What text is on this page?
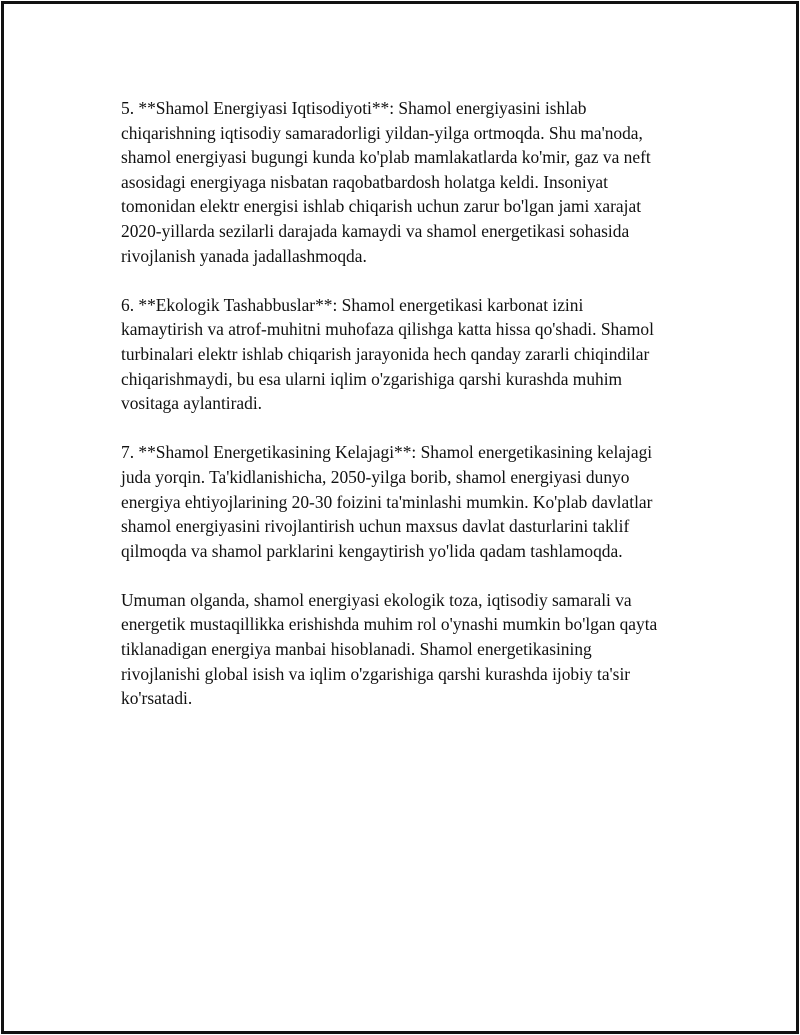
5. **Shamol Energiyasi Iqtisodiyoti**: Shamol energiyasini ishlab
chiqarishning iqtisodiy samaradorligi yildan-yilga ortmoqda. Shu ma'noda,
shamol energiyasi bugungi kunda ko'plab mamlakatlarda ko'mir, gaz va neft
asosidagi energiyaga nisbatan raqobatbardosh holatga keldi. Insoniyat
tomonidan elektr energisi ishlab chiqarish uchun zarur bo'lgan jami xarajat
2020-yillarda sezilarli darajada kamaydi va shamol energetikasi sohasida
rivojlanish yanada jadallashmoqda.

6. **Ekologik Tashabbuslar**: Shamol energetikasi karbonat izini
kamaytirish va atrof-muhitni muhofaza qilishga katta hissa qo'shadi. Shamol
turbinalari elektr ishlab chiqarish jarayonida hech qanday zararli chiqindilar
chiqarishmaydi, bu esa ularni iqlim o'zgarishiga qarshi kurashda muhim
vositaga aylantiradi.

7. **Shamol Energetikasining Kelajagi**: Shamol energetikasining kelajagi
juda yorqin. Ta'kidlanishicha, 2050-yilga borib, shamol energiyasi dunyo
energiya ehtiyojlarining 20-30 foizini ta'minlashi mumkin. Ko'plab davlatlar
shamol energiyasini rivojlantirish uchun maxsus davlat dasturlarini taklif
qilmoqda va shamol parklarini kengaytirish yo'lida qadam tashlamoqda.

Umuman olganda, shamol energiyasi ekologik toza, iqtisodiy samarali va
energetik mustaqillikka erishishda muhim rol o'ynashi mumkin bo'lgan qayta
tiklanadigan energiya manbai hisoblanadi. Shamol energetikasining
rivojlanishi global isish va iqlim o'zgarishiga qarshi kurashda ijobiy ta'sir
ko'rsatadi.
